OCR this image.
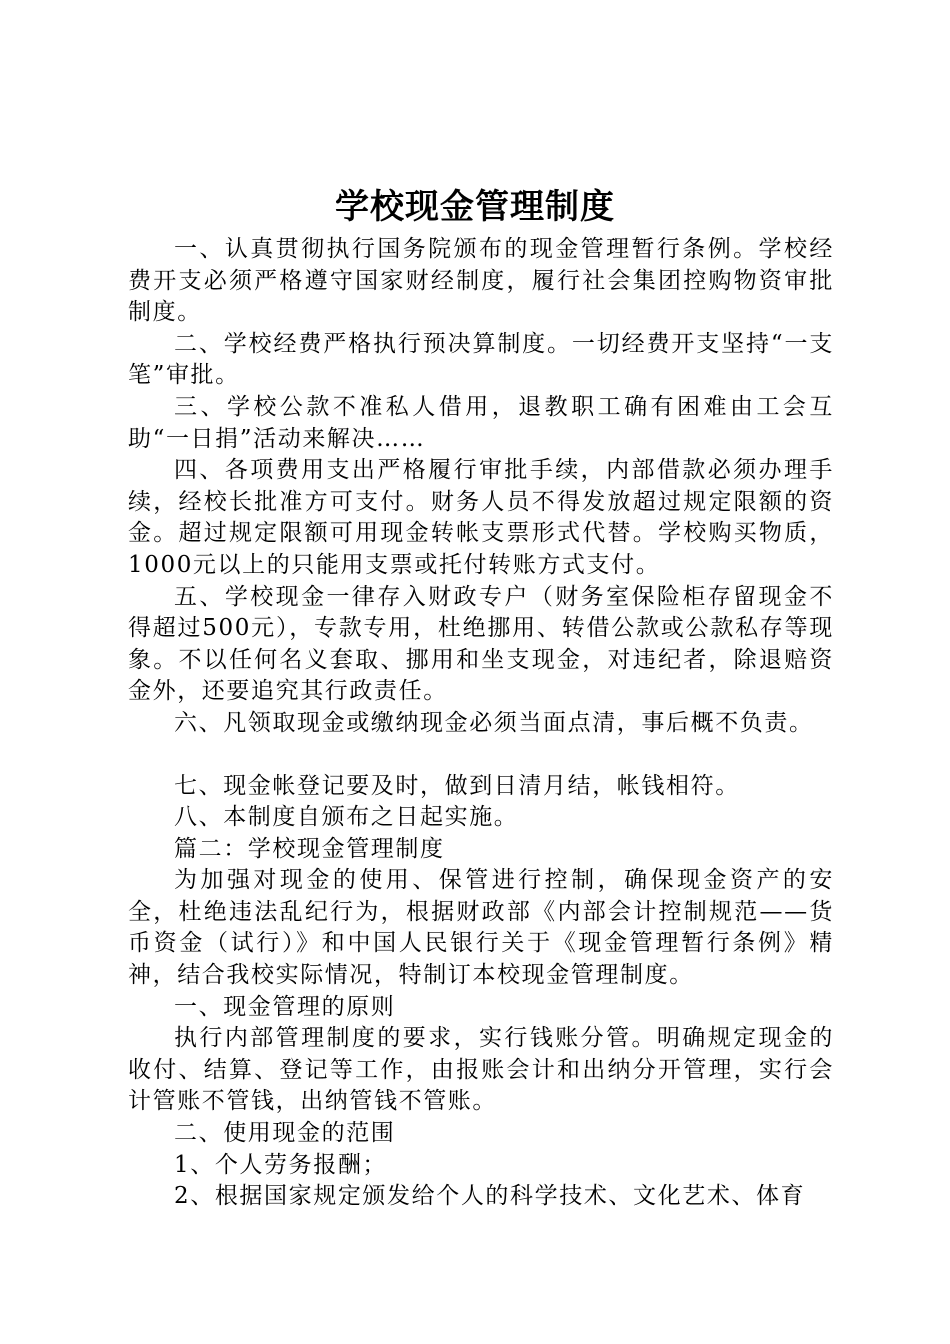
学校现金管理制度

一、认真贯彻执行国务院颁布的现金管理暂行条例。学校经费开支必须严格遵守国家财经制度，履行社会集团控购物资审批制度。

二、学校经费严格执行预决算制度。一切经费开支坚持“一支笔”审批。

三、学校公款不准私人借用，退教职工确有困难由工会互助“一日捐”活动来解决……

四、各项费用支出严格履行审批手续，内部借款必须办理手续，经校长批准方可支付。财务人员不得发放超过规定限额的资金。超过规定限额可用现金转帐支票形式代替。学校购买物质，1000元以上的只能用支票或托付转账方式支付。

五、学校现金一律存入财政专户（财务室保险柜存留现金不得超过500元），专款专用，杜绝挪用、转借公款或公款私存等现象。不以任何名义套取、挪用和坐支现金，对违纪者，除退赔资金外，还要追究其行政责任。

六、凡领取现金或缴纳现金必须当面点清，事后概不负责。

七、现金帐登记要及时，做到日清月结，帐钱相符。

八、本制度自颁布之日起实施。

篇二：学校现金管理制度

为加强对现金的使用、保管进行控制，确保现金资产的安全，杜绝违法乱纪行为，根据财政部《内部会计控制规范——货币资金（试行）》和中国人民银行关于《现金管理暂行条例》精神，结合我校实际情况，特制订本校现金管理制度。

一、现金管理的原则

执行内部管理制度的要求，实行钱账分管。明确规定现金的收付、结算、登记等工作，由报账会计和出纳分开管理，实行会计管账不管钱，出纳管钱不管账。

二、使用现金的范围

1、个人劳务报酬；

2、根据国家规定颁发给个人的科学技术、文化艺术、体育
